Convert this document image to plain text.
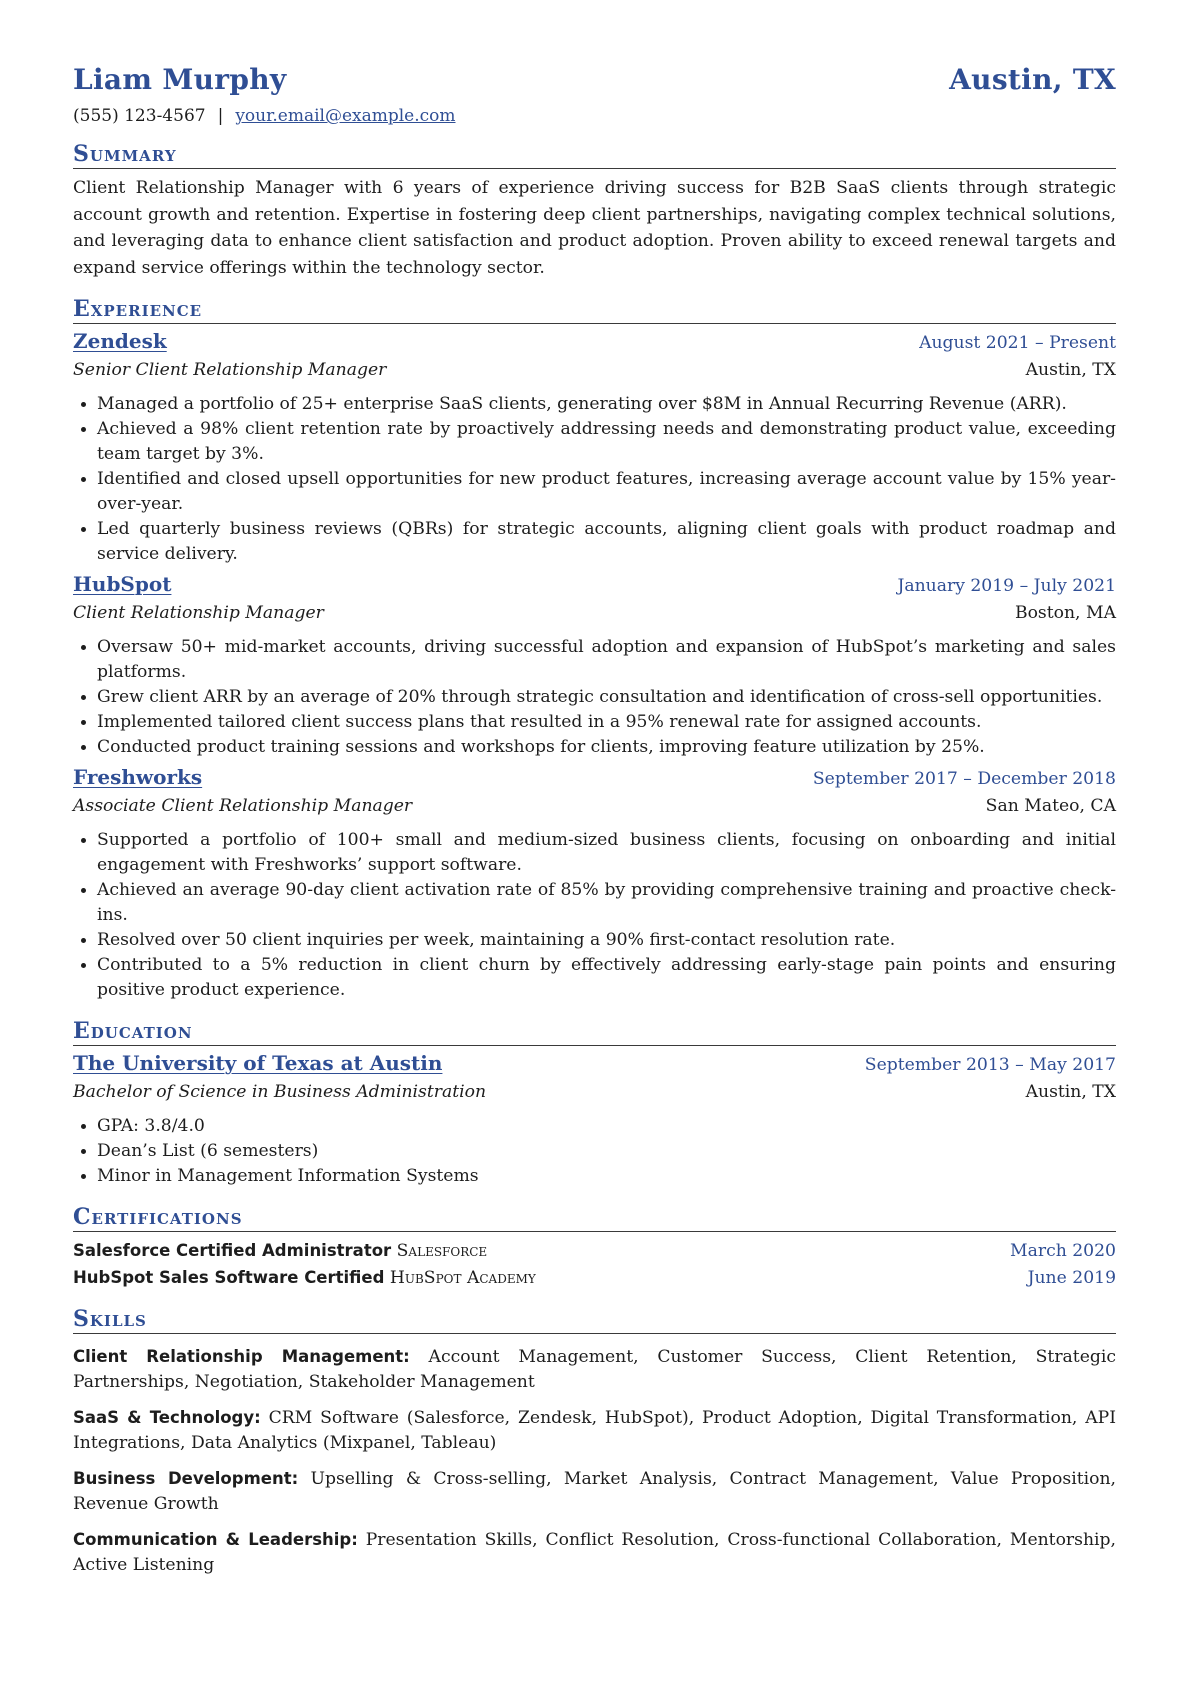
Liam Murphy	Austin, TX
(555) 123-4567 | your.email@example.com
Summary
Client Relationship Manager with 6 years of experience driving success for B2B SaaS clients through strategic account growth and retention. Expertise in fostering deep client partnerships, navigating complex technical solutions, and leveraging data to enhance client satisfaction and product adoption. Proven ability to exceed renewal targets and expand service offerings within the technology sector.
Experience
Zendesk	August 2021 – Present
Senior Client Relationship Manager	Austin, TX
• Managed a portfolio of 25+ enterprise SaaS clients, generating over $8M in Annual Recurring Revenue (ARR).
• Achieved a 98% client retention rate by proactively addressing needs and demonstrating product value, exceeding team target by 3%.
• Identified and closed upsell opportunities for new product features, increasing average account value by 15% year-over-year.
• Led quarterly business reviews (QBRs) for strategic accounts, aligning client goals with product roadmap and service delivery.
HubSpot	January 2019 – July 2021
Client Relationship Manager	Boston, MA
• Oversaw 50+ mid-market accounts, driving successful adoption and expansion of HubSpot’s marketing and sales platforms.
• Grew client ARR by an average of 20% through strategic consultation and identification of cross-sell opportunities.
• Implemented tailored client success plans that resulted in a 95% renewal rate for assigned accounts.
• Conducted product training sessions and workshops for clients, improving feature utilization by 25%.
Freshworks	September 2017 – December 2018
Associate Client Relationship Manager	San Mateo, CA
• Supported a portfolio of 100+ small and medium-sized business clients, focusing on onboarding and initial engagement with Freshworks’ support software.
• Achieved an average 90-day client activation rate of 85% by providing comprehensive training and proactive check-ins.
• Resolved over 50 client inquiries per week, maintaining a 90% first-contact resolution rate.
• Contributed to a 5% reduction in client churn by effectively addressing early-stage pain points and ensuring positive product experience.
Education
The University of Texas at Austin	September 2013 – May 2017
Bachelor of Science in Business Administration	Austin, TX
• GPA: 3.8/4.0
• Dean’s List (6 semesters)
• Minor in Management Information Systems
Certifications
Salesforce Certified Administrator Salesforce	March 2020
HubSpot Sales Software Certified HubSpot Academy	June 2019
Skills
Client Relationship Management: Account Management, Customer Success, Client Retention, Strategic Partnerships, Negotiation, Stakeholder Management
SaaS & Technology: CRM Software (Salesforce, Zendesk, HubSpot), Product Adoption, Digital Transformation, API Integrations, Data Analytics (Mixpanel, Tableau)
Business Development: Upselling & Cross-selling, Market Analysis, Contract Management, Value Proposition, Revenue Growth
Communication & Leadership: Presentation Skills, Conflict Resolution, Cross-functional Collaboration, Mentorship, Active Listening
